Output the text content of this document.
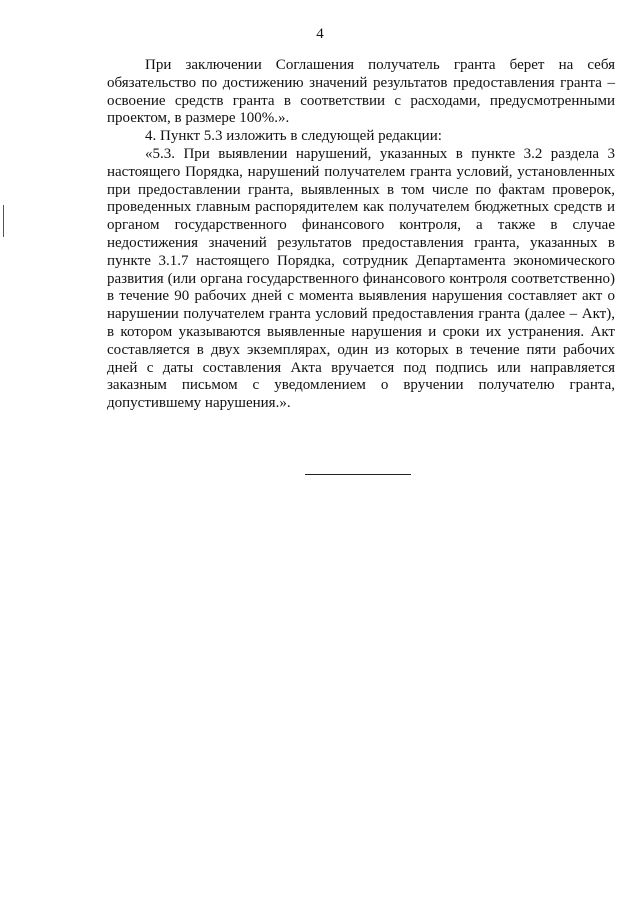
4

При заключении Соглашения получатель гранта берет на себя обязательство по достижению значений результатов предоставления гранта – освоение средств гранта в соответствии с расходами, предусмотренными проектом, в размере 100%.».

4. Пункт 5.3 изложить в следующей редакции:

«5.3. При выявлении нарушений, указанных в пункте 3.2 раздела 3 настоящего Порядка, нарушений получателем гранта условий, установленных при предоставлении гранта, выявленных в том числе по фактам проверок, проведенных главным распорядителем как получателем бюджетных средств и органом государственного финансового контроля, а также в случае недостижения значений результатов предоставления гранта, указанных в пункте 3.1.7 настоящего Порядка, сотрудник Департамента экономического развития (или органа государственного финансового контроля соответственно) в течение 90 рабочих дней с момента выявления нарушения составляет акт о нарушении получателем гранта условий предоставления гранта (далее – Акт), в котором указываются выявленные нарушения и сроки их устранения. Акт составляется в двух экземплярах, один из которых в течение пяти рабочих дней с даты составления Акта вручается под подпись или направляется заказным письмом с уведомлением о вручении получателю гранта, допустившему нарушения.».
